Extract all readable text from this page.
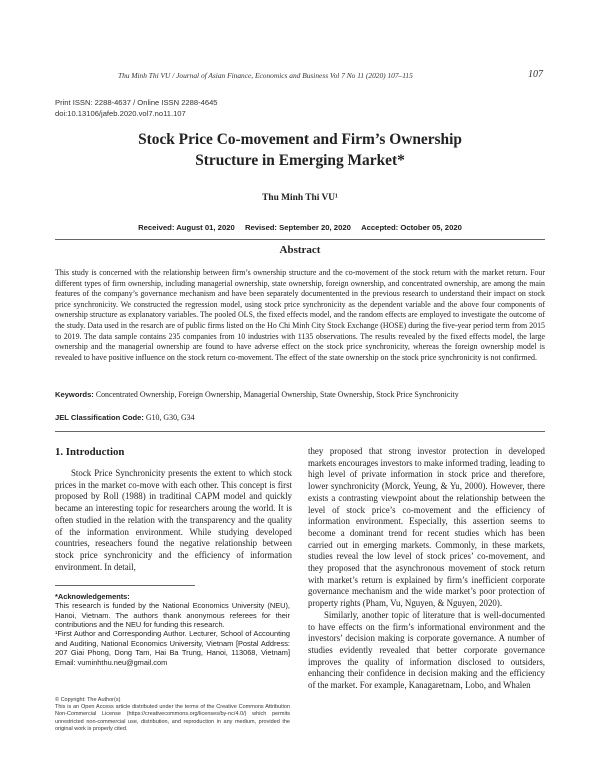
Thu Minh Thi VU / Journal of Asian Finance, Economics and Business Vol 7 No 11 (2020) 107–115	107
Print ISSN: 2288-4637 / Online ISSN 2288-4645
doi:10.13106/jafeb.2020.vol7.no11.107
Stock Price Co-movement and Firm’s Ownership
Structure in Emerging Market*
Thu Minh Thi VU¹
Received: August 01, 2020 Revised: September 20, 2020 Accepted: October 05, 2020
Abstract
This study is concerned with the relationship between firm’s ownership structure and the co-movement of the stock return with the market return. Four different types of firm ownership, including managerial ownership, state ownership, foreign ownership, and concentrated ownership, are among the main features of the company’s governance mechanism and have been separately documentented in the previous research to understand their impact on stock price synchronicity. We constructed the regression model, using stock price synchronicity as the dependent variable and the above four components of ownership structure as explanatory variables. The pooled OLS, the fixed effects model, and the random effects are employed to investigate the outcome of the study. Data used in the resarch are of public firms listed on the Ho Chi Minh City Stock Exchange (HOSE) during the five-year period term from 2015 to 2019. The data sample contains 235 companies from 10 industries with 1135 observations. The results revealed by the fixed effects model, the large ownership and the managerial ownership are found to have adverse effect on the stock price synchronicity, whereas the foreign ownership model is revealed to have positive influence on the stock return co-movement. The effect of the state ownership on the stock price synchronicity is not confirmed.
Keywords: Concentrated Ownership, Foreign Ownership, Managerial Ownership, State Ownership, Stock Price Synchronicity
JEL Classification Code: G10, G30, G34
1. Introduction

Stock Price Synchronicity presents the extent to which stock prices in the market co-move with each other. This concept is first proposed by Roll (1988) in traditinal CAPM model and quickly became an interesting topic for researchers aroung the world. It is often studied in the relation with the transparency and the quality of the information environment. While studying developed countries, reseachers found the negative relationship between stock price synchronicity and the efficiency of information environment. In detail,

they proposed that strong investor protection in developed markets encourages investors to make informed trading, leading to high level of private information in stock price and therefore, lower synchronicity (Morck, Yeung, & Yu, 2000). However, there exists a contrasting viewpoint about the relationship between the level of stock price’s co-movement and the efficiency of information environment. Especially, this assertion seems to become a dominant trend for recent studies which has been carried out in emerging markets. Commonly, in these markets, studies reveal the low level of stock prices’ co-movement, and they proposed that the asynchronous movement of stock return with market’s return is explained by firm’s inefficient corporate governance mechanism and the wide market’s poor protection of property rights (Pham, Vu, Nguyen, & Nguyen, 2020).

Similarly, another topic of literature that is well-documented to have effects on the firm’s informational environment and the investors’ decision making is corporate governance. A number of studies evidently revealed that better corporate governance improves the quality of information disclosed to outsiders, enhancing their confidence in decision making and the efficiency of the market. For example, Kanagaretnam, Lobo, and Whalen

*Acknowledgements:
This research is funded by the National Economics University (NEU), Hanoi, Vietnam. The authors thank anonymous referees for their contributions and the NEU for funding this research.
¹First Author and Corresponding Author. Lecturer, School of Accounting and Auditing, National Economics University, Vietnam [Postal Address: 207 Giai Phong, Dong Tam, Hai Ba Trung, Hanoi, 113068, Vietnam] Email: vuminhthu.neu@gmail.com
© Copyright: The Author(s)
This is an Open Access article distributed under the terms of the Creative Commons Attribution Non-Commercial License (https://creativecommons.org/licenses/by-nc/4.0/) which permits unrestricted non-commercial use, distribution, and reproduction in any medium, provided the original work is properly cited.
